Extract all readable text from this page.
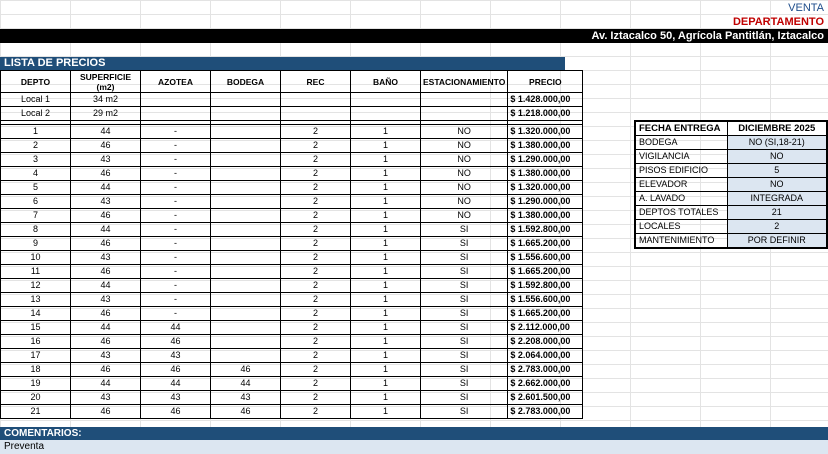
VENTA
DEPARTAMENTO
Av. Iztacalco 50, Agrícola Pantitlán, Iztacalco
LISTA DE PRECIOS
DEPTO	SUPERFICIE (m2)	AZOTEA	BODEGA	REC	BAÑO	ESTACIONAMIENTO	PRECIO
Local 1	34 m2						$ 1.428.000,00
Local 2	29 m2						$ 1.218.000,00

1	44	-		2	1	NO	$ 1.320.000,00
2	46	-		2	1	NO	$ 1.380.000,00
3	43	-		2	1	NO	$ 1.290.000,00
4	46	-		2	1	NO	$ 1.380.000,00
5	44	-		2	1	NO	$ 1.320.000,00
6	43	-		2	1	NO	$ 1.290.000,00
7	46	-		2	1	NO	$ 1.380.000,00
8	44	-		2	1	SI	$ 1.592.800,00
9	46	-		2	1	SI	$ 1.665.200,00
10	43	-		2	1	SI	$ 1.556.600,00
11	46	-		2	1	SI	$ 1.665.200,00
12	44	-		2	1	SI	$ 1.592.800,00
13	43	-		2	1	SI	$ 1.556.600,00
14	46	-		2	1	SI	$ 1.665.200,00
15	44	44		2	1	SI	$ 2.112.000,00
16	46	46		2	1	SI	$ 2.208.000,00
17	43	43		2	1	SI	$ 2.064.000,00
18	46	46	46	2	1	SI	$ 2.783.000,00
19	44	44	44	2	1	SI	$ 2.662.000,00
20	43	43	43	2	1	SI	$ 2.601.500,00
21	46	46	46	2	1	SI	$ 2.783.000,00
FECHA ENTREGA	DICIEMBRE 2025
BODEGA	NO (SI,18-21)
VIGILANCIA	NO
PISOS EDIFICIO	5
ELEVADOR	NO
A. LAVADO	INTEGRADA
DEPTOS TOTALES	21
LOCALES	2
MANTENIMIENTO	POR DEFINIR
COMENTARIOS:
Preventa
